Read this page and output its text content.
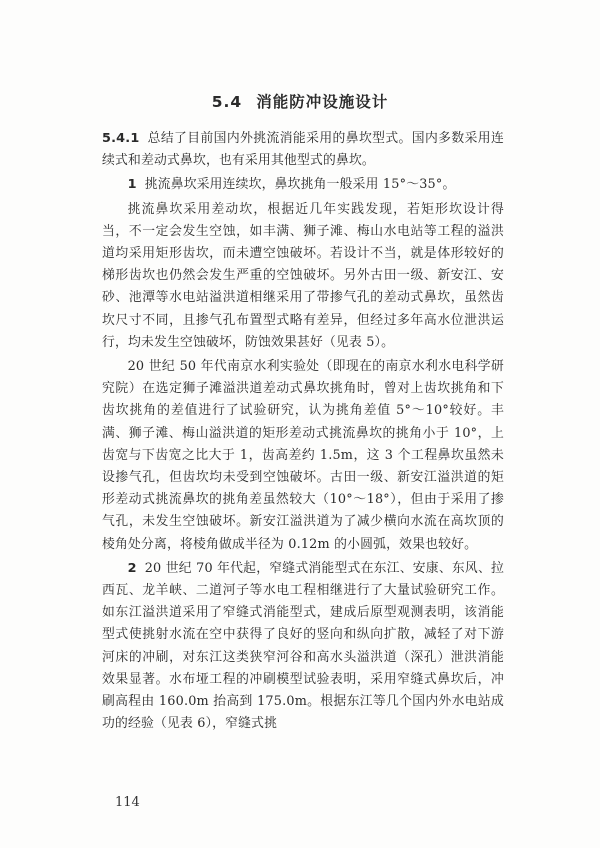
5.4 消能防冲设施设计

5.4.1 总结了目前国内外挑流消能采用的鼻坎型式。国内多数采用连续式和差动式鼻坎，也有采用其他型式的鼻坎。

1 挑流鼻坎采用连续坎，鼻坎挑角一般采用 15°～35°。

挑流鼻坎采用差动坎，根据近几年实践发现，若矩形坎设计得当，不一定会发生空蚀，如丰满、狮子滩、梅山水电站等工程的溢洪道均采用矩形齿坎，而未遭空蚀破坏。若设计不当，就是体形较好的梯形齿坎也仍然会发生严重的空蚀破坏。另外古田一级、新安江、安砂、池潭等水电站溢洪道相继采用了带掺气孔的差动式鼻坎，虽然齿坎尺寸不同，且掺气孔布置型式略有差异，但经过多年高水位泄洪运行，均未发生空蚀破坏，防蚀效果甚好（见表 5）。

20 世纪 50 年代南京水利实验处（即现在的南京水利水电科学研究院）在选定狮子滩溢洪道差动式鼻坎挑角时，曾对上齿坎挑角和下齿坎挑角的差值进行了试验研究，认为挑角差值 5°～10°较好。丰满、狮子滩、梅山溢洪道的矩形差动式挑流鼻坎的挑角小于 10°，上齿宽与下齿宽之比大于 1，齿高差约 1.5m，这 3 个工程鼻坎虽然未设掺气孔，但齿坎均未受到空蚀破坏。古田一级、新安江溢洪道的矩形差动式挑流鼻坎的挑角差虽然较大（10°～18°），但由于采用了掺气孔，未发生空蚀破坏。新安江溢洪道为了减少横向水流在高坎顶的棱角处分离，将棱角做成半径为 0.12m 的小圆弧，效果也较好。

2 20 世纪 70 年代起，窄缝式消能型式在东江、安康、东风、拉西瓦、龙羊峡、二道河子等水电工程相继进行了大量试验研究工作。如东江溢洪道采用了窄缝式消能型式，建成后原型观测表明，该消能型式使挑射水流在空中获得了良好的竖向和纵向扩散，减轻了对下游河床的冲刷，对东江这类狭窄河谷和高水头溢洪道（深孔）泄洪消能效果显著。水布垭工程的冲刷模型试验表明，采用窄缝式鼻坎后，冲刷高程由 160.0m 抬高到 175.0m。根据东江等几个国内外水电站成功的经验（见表 6），窄缝式挑

114
